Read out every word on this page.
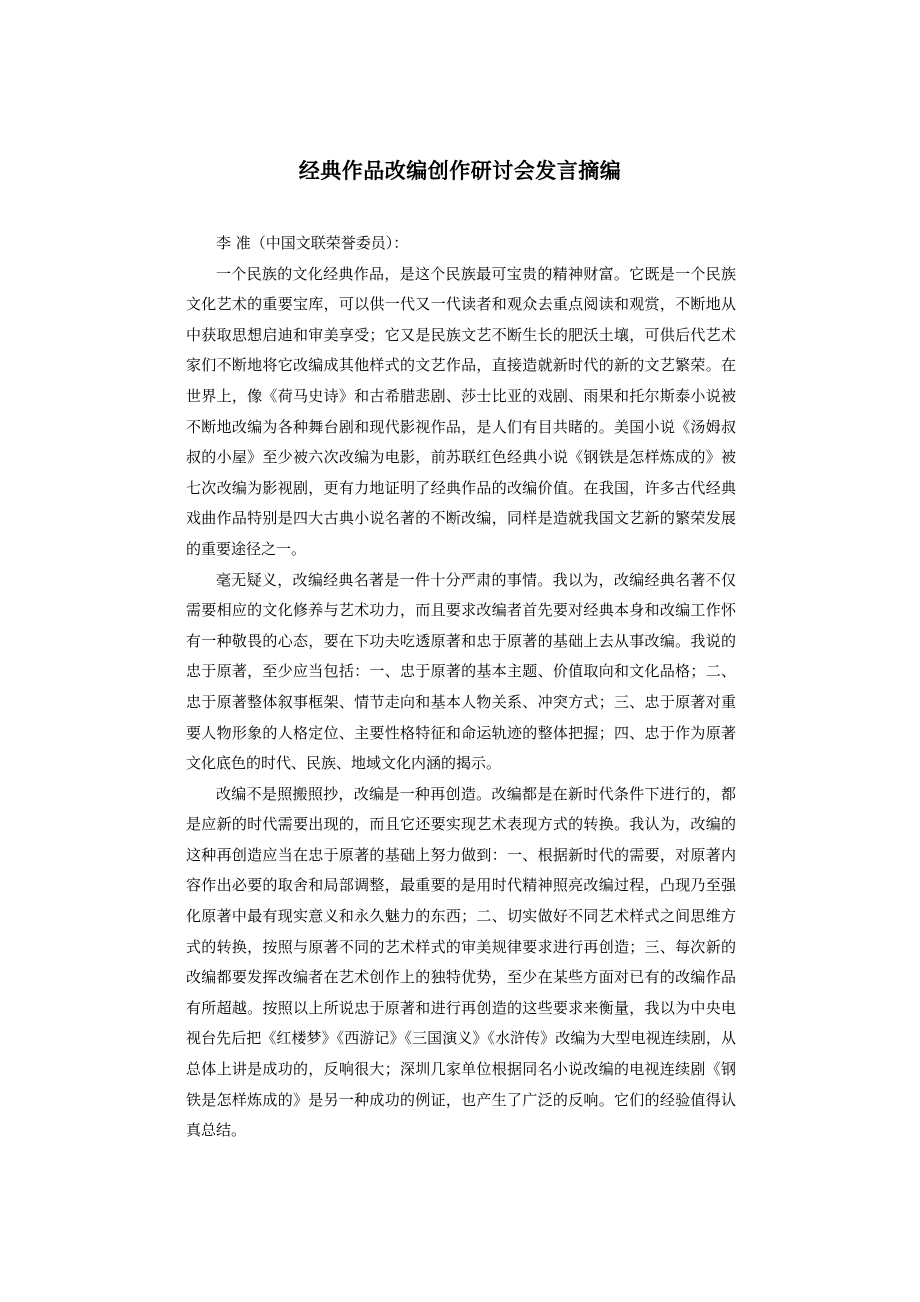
经典作品改编创作研讨会发言摘编

李 准（中国文联荣誉委员）：

一个民族的文化经典作品，是这个民族最可宝贵的精神财富。它既是一个民族文化艺术的重要宝库，可以供一代又一代读者和观众去重点阅读和观赏，不断地从中获取思想启迪和审美享受；它又是民族文艺不断生长的肥沃土壤，可供后代艺术家们不断地将它改编成其他样式的文艺作品，直接造就新时代的新的文艺繁荣。在世界上，像《荷马史诗》和古希腊悲剧、莎士比亚的戏剧、雨果和托尔斯泰小说被不断地改编为各种舞台剧和现代影视作品，是人们有目共睹的。美国小说《汤姆叔叔的小屋》至少被六次改编为电影，前苏联红色经典小说《钢铁是怎样炼成的》被七次改编为影视剧，更有力地证明了经典作品的改编价值。在我国，许多古代经典戏曲作品特别是四大古典小说名著的不断改编，同样是造就我国文艺新的繁荣发展的重要途径之一。

毫无疑义，改编经典名著是一件十分严肃的事情。我以为，改编经典名著不仅需要相应的文化修养与艺术功力，而且要求改编者首先要对经典本身和改编工作怀有一种敬畏的心态，要在下功夫吃透原著和忠于原著的基础上去从事改编。我说的忠于原著，至少应当包括：一、忠于原著的基本主题、价值取向和文化品格；二、忠于原著整体叙事框架、情节走向和基本人物关系、冲突方式；三、忠于原著对重要人物形象的人格定位、主要性格特征和命运轨迹的整体把握；四、忠于作为原著文化底色的时代、民族、地域文化内涵的揭示。

改编不是照搬照抄，改编是一种再创造。改编都是在新时代条件下进行的，都是应新的时代需要出现的，而且它还要实现艺术表现方式的转换。我认为，改编的这种再创造应当在忠于原著的基础上努力做到：一、根据新时代的需要，对原著内容作出必要的取舍和局部调整，最重要的是用时代精神照亮改编过程，凸现乃至强化原著中最有现实意义和永久魅力的东西；二、切实做好不同艺术样式之间思维方式的转换，按照与原著不同的艺术样式的审美规律要求进行再创造；三、每次新的改编都要发挥改编者在艺术创作上的独特优势，至少在某些方面对已有的改编作品有所超越。按照以上所说忠于原著和进行再创造的这些要求来衡量，我以为中央电视台先后把《红楼梦》《西游记》《三国演义》《水浒传》改编为大型电视连续剧，从总体上讲是成功的，反响很大；深圳几家单位根据同名小说改编的电视连续剧《钢铁是怎样炼成的》是另一种成功的例证，也产生了广泛的反响。它们的经验值得认真总结。
